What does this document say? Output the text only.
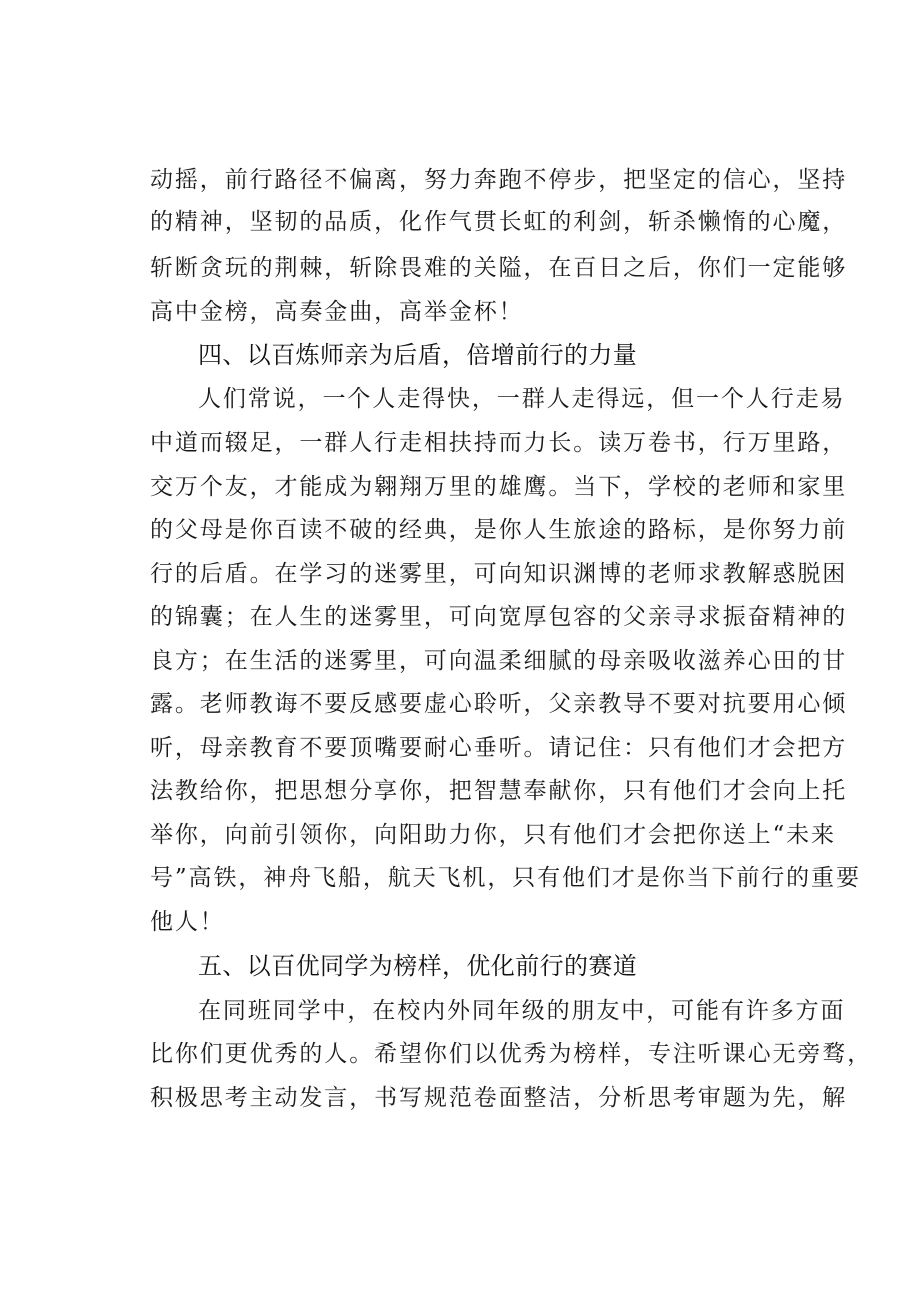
动摇，前行路径不偏离，努力奔跑不停步，把坚定的信心，坚持
的精神，坚韧的品质，化作气贯长虹的利剑，斩杀懒惰的心魔，
斩断贪玩的荆棘，斩除畏难的关隘，在百日之后，你们一定能够
高中金榜，高奏金曲，高举金杯！
四、以百炼师亲为后盾，倍增前行的力量
人们常说，一个人走得快，一群人走得远，但一个人行走易
中道而辍足，一群人行走相扶持而力长。读万卷书，行万里路，
交万个友，才能成为翱翔万里的雄鹰。当下，学校的老师和家里
的父母是你百读不破的经典，是你人生旅途的路标，是你努力前
行的后盾。在学习的迷雾里，可向知识渊博的老师求教解惑脱困
的锦囊；在人生的迷雾里，可向宽厚包容的父亲寻求振奋精神的
良方；在生活的迷雾里，可向温柔细腻的母亲吸收滋养心田的甘
露。老师教诲不要反感要虚心聆听，父亲教导不要对抗要用心倾
听，母亲教育不要顶嘴要耐心垂听。请记住：只有他们才会把方
法教给你，把思想分享你，把智慧奉献你，只有他们才会向上托
举你，向前引领你，向阳助力你，只有他们才会把你送上“未来
号”高铁，神舟飞船，航天飞机，只有他们才是你当下前行的重要
他人！
五、以百优同学为榜样，优化前行的赛道
在同班同学中，在校内外同年级的朋友中，可能有许多方面
比你们更优秀的人。希望你们以优秀为榜样，专注听课心无旁骛，
积极思考主动发言，书写规范卷面整洁，分析思考审题为先，解
